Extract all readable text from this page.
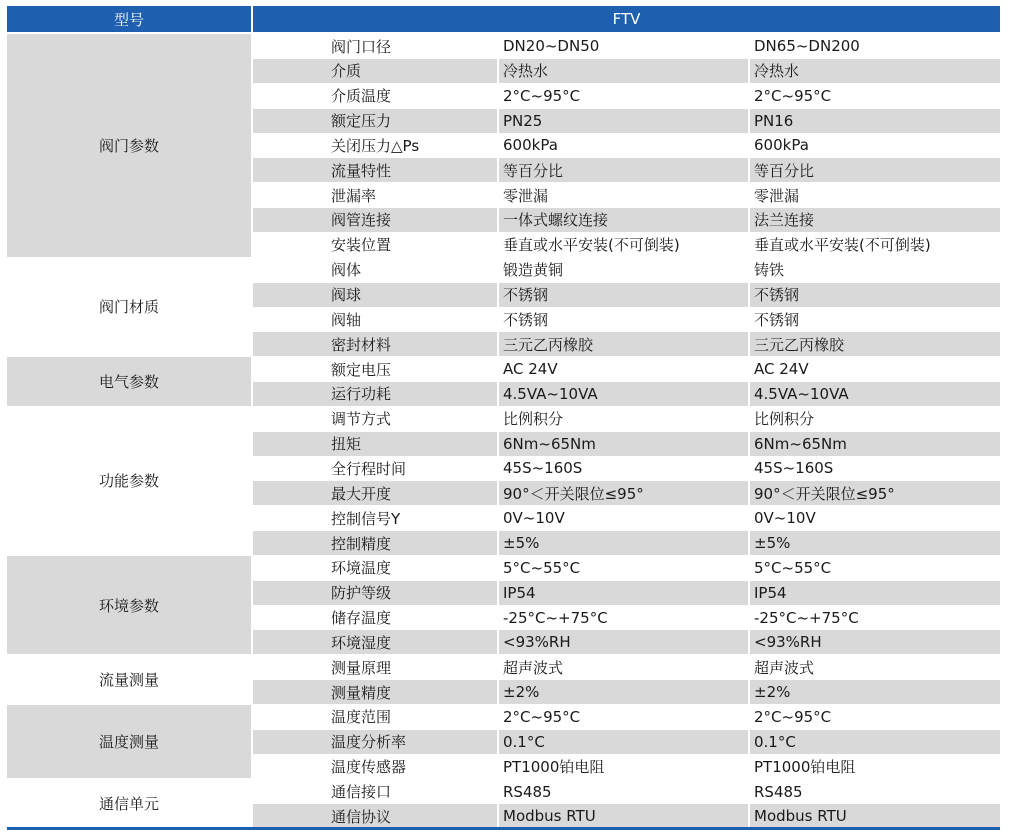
型号	FTV
阀门参数
阀门口径	DN20~DN50	DN65~DN200
介质	冷热水	冷热水
介质温度	2°C~95°C	2°C~95°C
额定压力	PN25	PN16
关闭压力△Ps	600kPa	600kPa
流量特性	等百分比	等百分比
泄漏率	零泄漏	零泄漏
阀管连接	一体式螺纹连接	法兰连接
安装位置	垂直或水平安装(不可倒装)	垂直或水平安装(不可倒装)
阀门材质
阀体	锻造黄铜	铸铁
阀球	不锈钢	不锈钢
阀轴	不锈钢	不锈钢
密封材料	三元乙丙橡胶	三元乙丙橡胶
电气参数
额定电压	AC 24V	AC 24V
运行功耗	4.5VA~10VA	4.5VA~10VA
功能参数
调节方式	比例积分	比例积分
扭矩	6Nm~65Nm	6Nm~65Nm
全行程时间	45S~160S	45S~160S
最大开度	90°＜开关限位≤95°	90°＜开关限位≤95°
控制信号Y	0V~10V	0V~10V
控制精度	±5%	±5%
环境参数
环境温度	5°C~55°C	5°C~55°C
防护等级	IP54	IP54
储存温度	-25°C~+75°C	-25°C~+75°C
环境湿度	<93%RH	<93%RH
流量测量
测量原理	超声波式	超声波式
测量精度	±2%	±2%
温度测量
温度范围	2°C~95°C	2°C~95°C
温度分析率	0.1°C	0.1°C
温度传感器	PT1000铂电阻	PT1000铂电阻
通信单元
通信接口	RS485	RS485
通信协议	Modbus RTU	Modbus RTU
